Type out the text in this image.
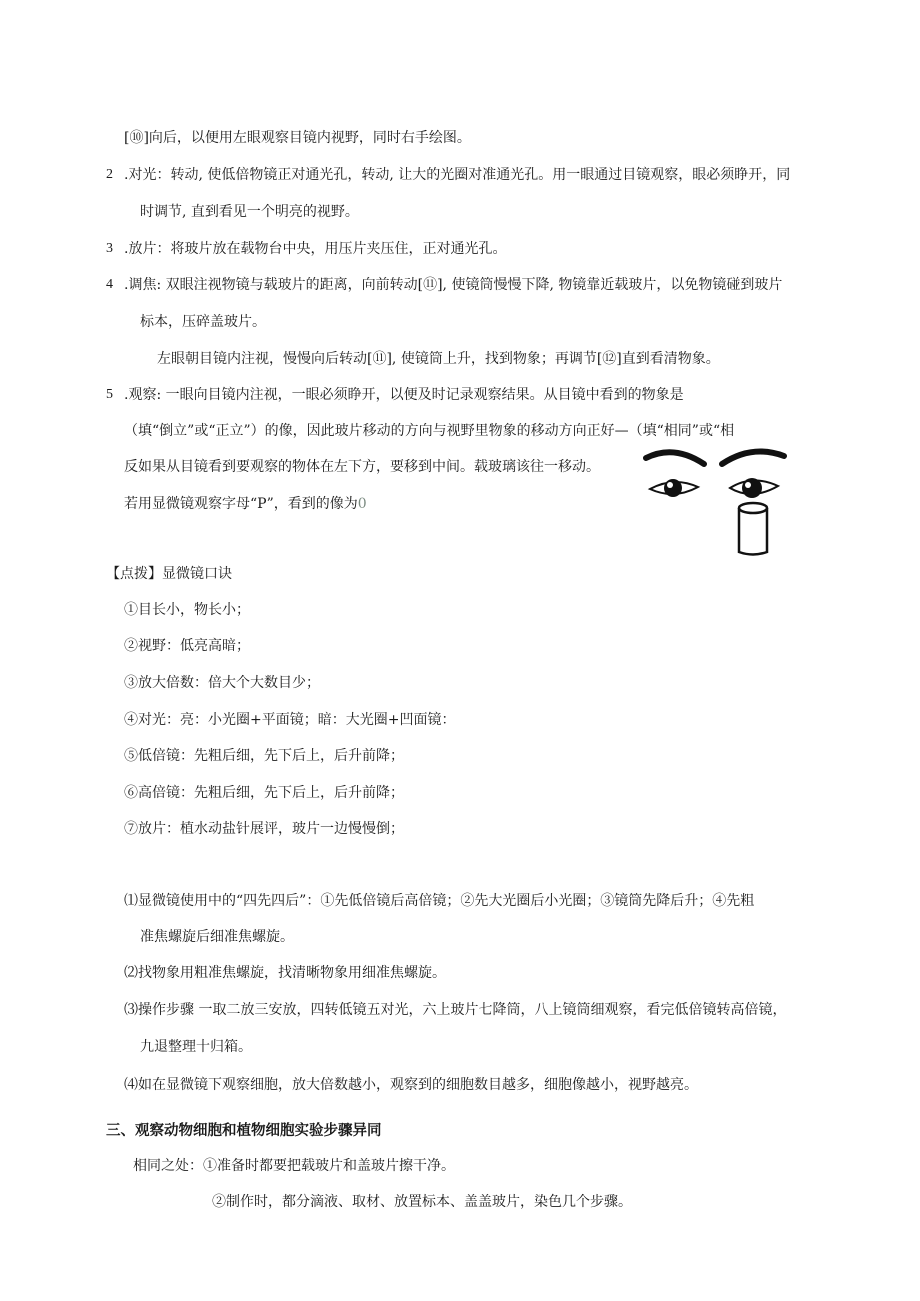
[⑩]向后，以便用左眼观察目镜内视野，同时右手绘图。
2 .对光：转动, 使低倍物镜正对通光孔，转动, 让大的光圈对准通光孔。用一眼通过目镜观察，眼必须睁开，同
时调节, 直到看见一个明亮的视野。
3 .放片：将玻片放在载物台中央，用压片夹压住，正对通光孔。
4 .调焦: 双眼注视物镜与载玻片的距离，向前转动[⑪], 使镜筒慢慢下降, 物镜靠近载玻片，以免物镜碰到玻片
标本，压碎盖玻片。
左眼朝目镜内注视，慢慢向后转动[⑪], 使镜筒上升，找到物象；再调节[⑫]直到看清物象。
5 .观察: 一眼向目镜内注视，一眼必须睁开，以便及时记录观察结果。从目镜中看到的物象是
（填“倒立”或“正立”）的像，因此玻片移动的方向与视野里物象的移动方向正好—（填“相同”或“相
反如果从目镜看到要观察的物体在左下方，要移到中间。载玻璃该往一移动。
若用显微镜观察字母“P”，看到的像为0
【点拨】显微镜口诀
①目长小，物长小；
②视野：低亮高暗；
③放大倍数：倍大个大数目少；
④对光：亮：小光圈+平面镜；暗：大光圈+凹面镜：
⑤低倍镜：先粗后细，先下后上，后升前降；
⑥高倍镜：先粗后细，先下后上，后升前降；
⑦放片：植水动盐针展评，玻片一边慢慢倒；
⑴显微镜使用中的“四先四后”：①先低倍镜后高倍镜；②先大光圈后小光圈；③镜筒先降后升；④先粗
准焦螺旋后细准焦螺旋。
⑵找物象用粗准焦螺旋，找清晰物象用细准焦螺旋。
⑶操作步骤 一取二放三安放，四转低镜五对光，六上玻片七降筒，八上镜筒细观察，看完低倍镜转高倍镜，
九退整理十归箱。
⑷如在显微镜下观察细胞，放大倍数越小，观察到的细胞数目越多，细胞像越小，视野越亮。
三、观察动物细胞和植物细胞实验步骤异同
相同之处：①准备时都要把载玻片和盖玻片擦干净。
②制作时，都分滴液、取材、放置标本、盖盖玻片，染色几个步骤。
